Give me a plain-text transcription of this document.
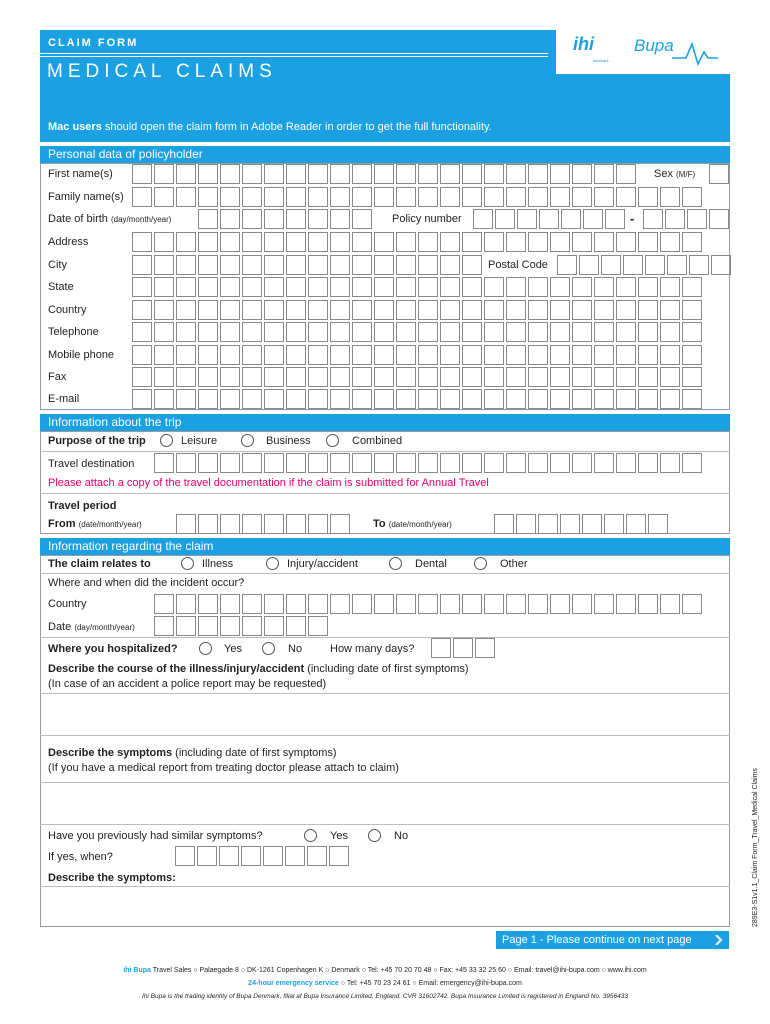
CLAIM FORM
MEDICAL CLAIMS
Mac users should open the claim form in Adobe Reader in order to get the full functionality.
ihi
danmark
Bupa
Personal data of policyholder
First name(s)	Sex (M/F)
Family name(s)
Date of birth (day/month/year)	Policy number	-
Address
City	Postal Code
State
Country
Telephone
Mobile phone
Fax
E-mail
Information about the trip
Purpose of the trip	Leisure	Business	Combined
Travel destination
Please attach a copy of the travel documentation if the claim is submitted for Annual Travel
Travel period
From (date/month/year)	To (date/month/year)
Information regarding the claim
The claim relates to	Illness	Injury/accident	Dental	Other
Where and when did the incident occur?
Country
Date (day/month/year)
Where you hospitalized?	Yes	No	How many days?
Describe the course of the illness/injury/accident (including date of first symptoms)
(In case of an accident a police report may be requested)
Describe the symptoms (including date of first symptoms)
(If you have a medical report from treating doctor please attach to claim)
Have you previously had similar symptoms?	Yes	No
If yes, when?
Describe the symptoms:
Page 1 - Please continue on next page
289E3-S1v1.1_Claim Form_Travel_Medical Claims
ihi Bupa Travel Sales ○ Palaegade 8 ○ DK-1261 Copenhagen K ○ Denmark ○ Tel: +45 70 20 70 48 ○ Fax: +45 33 32 25 60 ○ Email: travel@ihi-bupa.com ○ www.ihi.com
24-hour emergency service ○ Tel: +45 70 23 24 61 ○ Email: emergency@ihi-bupa.com
Ihi Bupa is the trading identity of Bupa Denmark, filial af Bupa Insurance Limited, England. CVR 31602742. Bupa Insurance Limited is registered in England No. 3956433
